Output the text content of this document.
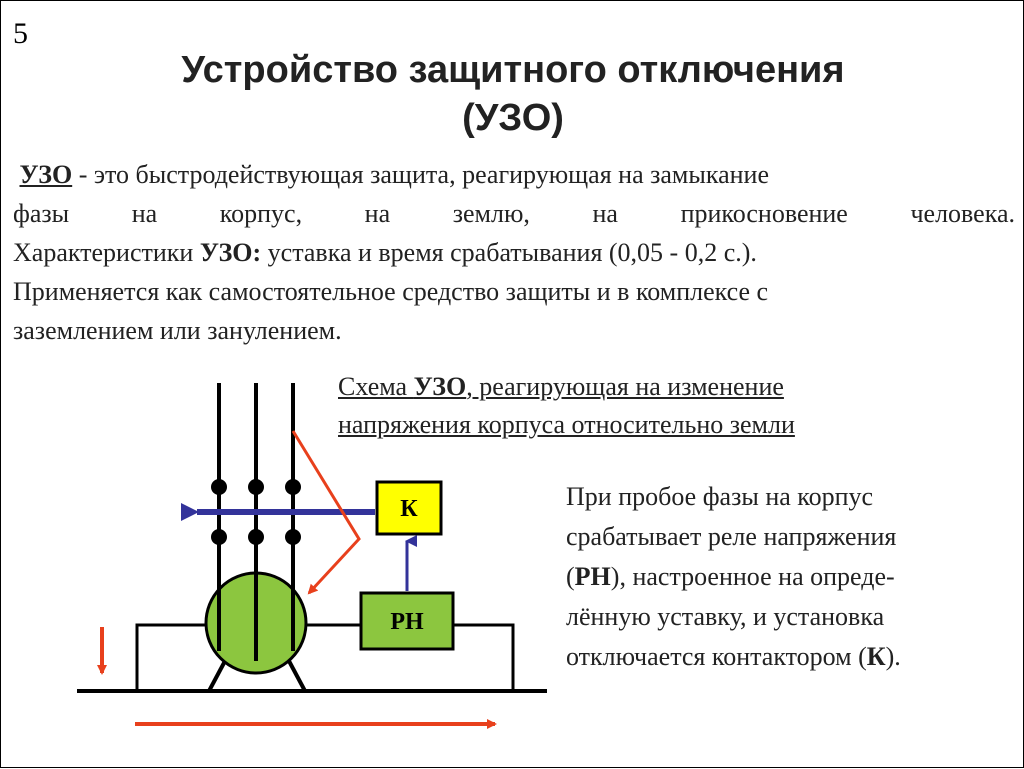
5
Устройство защитного отключения
(УЗО)
УЗО - это быстродействующая защита, реагирующая на замыкание
фазы на корпус, на землю, на прикосновение человека.
Характеристики УЗО: уставка и время срабатывания (0,05 - 0,2 с.).
Применяется как самостоятельное средство защиты и в комплексе с
заземлением или занулением.
Схема УЗО, реагирующая на изменение
напряжения корпуса относительно земли
При пробое фазы на корпус
срабатывает реле напряжения
(РН), настроенное на опреде-
лённую уставку, и установка
отключается контактором (К).
К
РН
